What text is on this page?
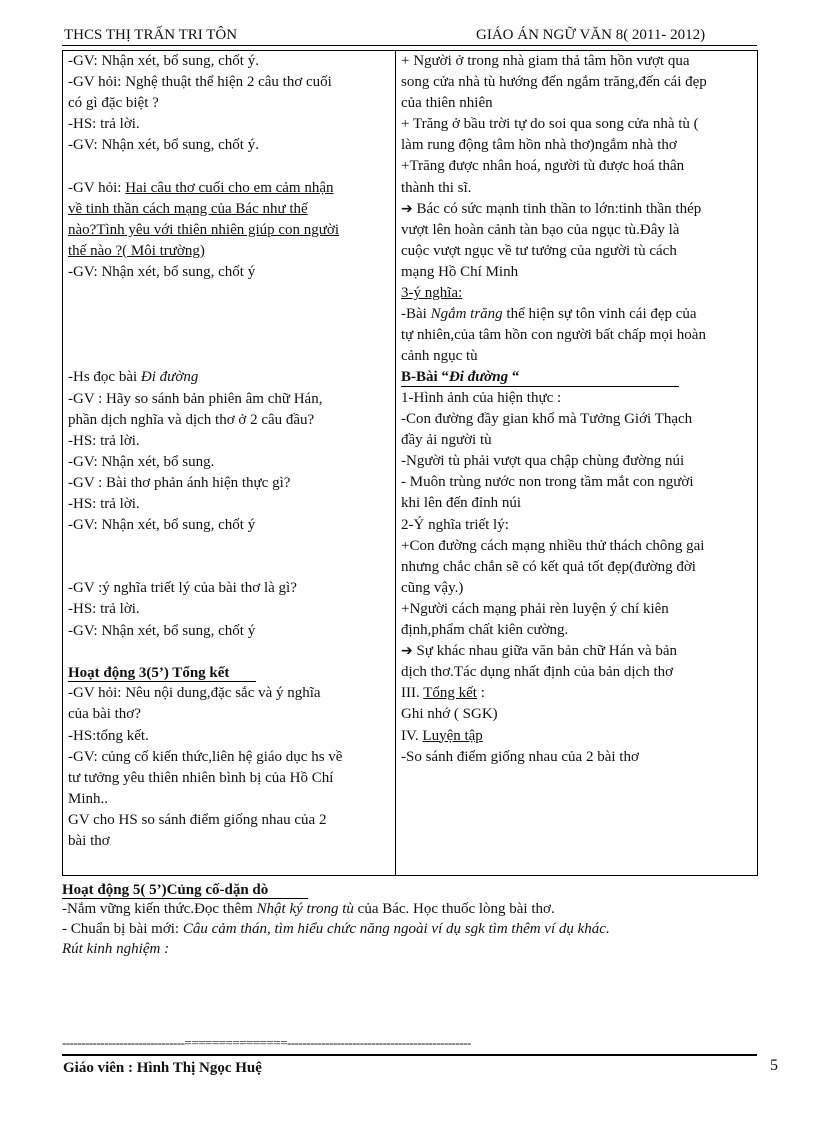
THCS THỊ TRẤN TRI TÔN	GIÁO ÁN NGỮ VĂN 8( 2011- 2012)
-GV: Nhận xét, bổ sung, chốt ý.
-GV hỏi: Nghệ thuật thể hiện 2 câu thơ cuối
có gì đặc biệt ?
-HS: trả lời.
-GV: Nhận xét, bổ sung, chốt ý.
-GV hỏi: Hai câu thơ cuối cho em cảm nhận
về tinh thần cách mạng của Bác như thế
nào?Tình yêu với thiên nhiên giúp con người
thế nào ?( Môi trường)
-GV: Nhận xét, bổ sung, chốt ý
-Hs đọc bài Đi đường
-GV : Hãy so sánh bản phiên âm chữ Hán,
phần dịch nghĩa và dịch thơ ở 2 câu đầu?
-HS: trả lời.
-GV: Nhận xét, bổ sung.
-GV : Bài thơ phản ánh hiện thực gì?
-HS: trả lời.
-GV: Nhận xét, bổ sung, chốt ý
-GV :ý nghĩa triết lý của bài thơ là gì?
-HS: trả lời.
-GV: Nhận xét, bổ sung, chốt ý
Hoạt động 3(5’) Tổng kết
-GV hỏi: Nêu nội dung,đặc sắc và ý nghĩa
của bài thơ?
-HS:tổng kết.
-GV: củng cố kiến thức,liên hệ giáo dục hs về
tư tưởng yêu thiên nhiên bình bị của Hồ Chí
Minh..
GV cho HS so sánh điểm giống nhau của 2
bài thơ
+ Người ở trong nhà giam thả tâm hồn vượt qua
song cửa nhà tù hướng đến ngắm trăng,đến cái đẹp
của thiên nhiên
+ Trăng ở bầu trời tự do soi qua song cửa nhà tù (
làm rung động tâm hồn nhà thơ)ngắm nhà thơ
+Trăng được nhân hoá, người tù được hoá thân
thành thi sĩ.
➔ Bác có sức mạnh tinh thần to lớn:tinh thần thép
vượt lên hoàn cảnh tàn bạo của ngục tù.Đây là
cuộc vượt ngục về tư tưởng của người tù cách
mạng Hồ Chí Minh
3-ý nghĩa:
-Bài Ngắm trăng thể hiện sự tôn vinh cái đẹp của
tự nhiên,của tâm hồn con người bất chấp mọi hoàn
cảnh ngục tù
B-Bài “Đi đường “
1-Hình ảnh của hiện thực :
-Con đường đầy gian khổ mà Tưởng Giới Thạch
đầy ải người tù
-Người tù phải vượt qua chập chùng đường núi
- Muôn trùng nước non trong tầm mắt con người
khi lên đến đỉnh núi
2-Ý nghĩa triết lý:
+Con đường cách mạng nhiều thử thách chông gai
nhưng chắc chắn sẽ có kết quả tốt đẹp(đường đời
cũng vậy.)
+Người cách mạng phải rèn luyện ý chí kiên
định,phẩm chất kiên cường.
➔ Sự khác nhau giữa văn bản chữ Hán và bản
dịch thơ.Tác dụng nhất định của bản dịch thơ
III. Tổng kết :
Ghi nhớ ( SGK)
IV. Luyện tập
-So sánh điểm giống nhau của 2 bài thơ
Hoạt động 5( 5’)Củng cố-dặn dò
-Nắm vững kiến thức.Đọc thêm Nhật ký trong tù của Bác. Học thuốc lòng bài thơ.
- Chuẩn bị bài mới: Câu cảm thán, tìm hiểu chức năng ngoài ví dụ sgk tìm thêm ví dụ khác.
Rút kinh nghiệm :
--------------------------------===============------------------------------------------------
Giáo viên : Hình Thị Ngọc Huệ	5
